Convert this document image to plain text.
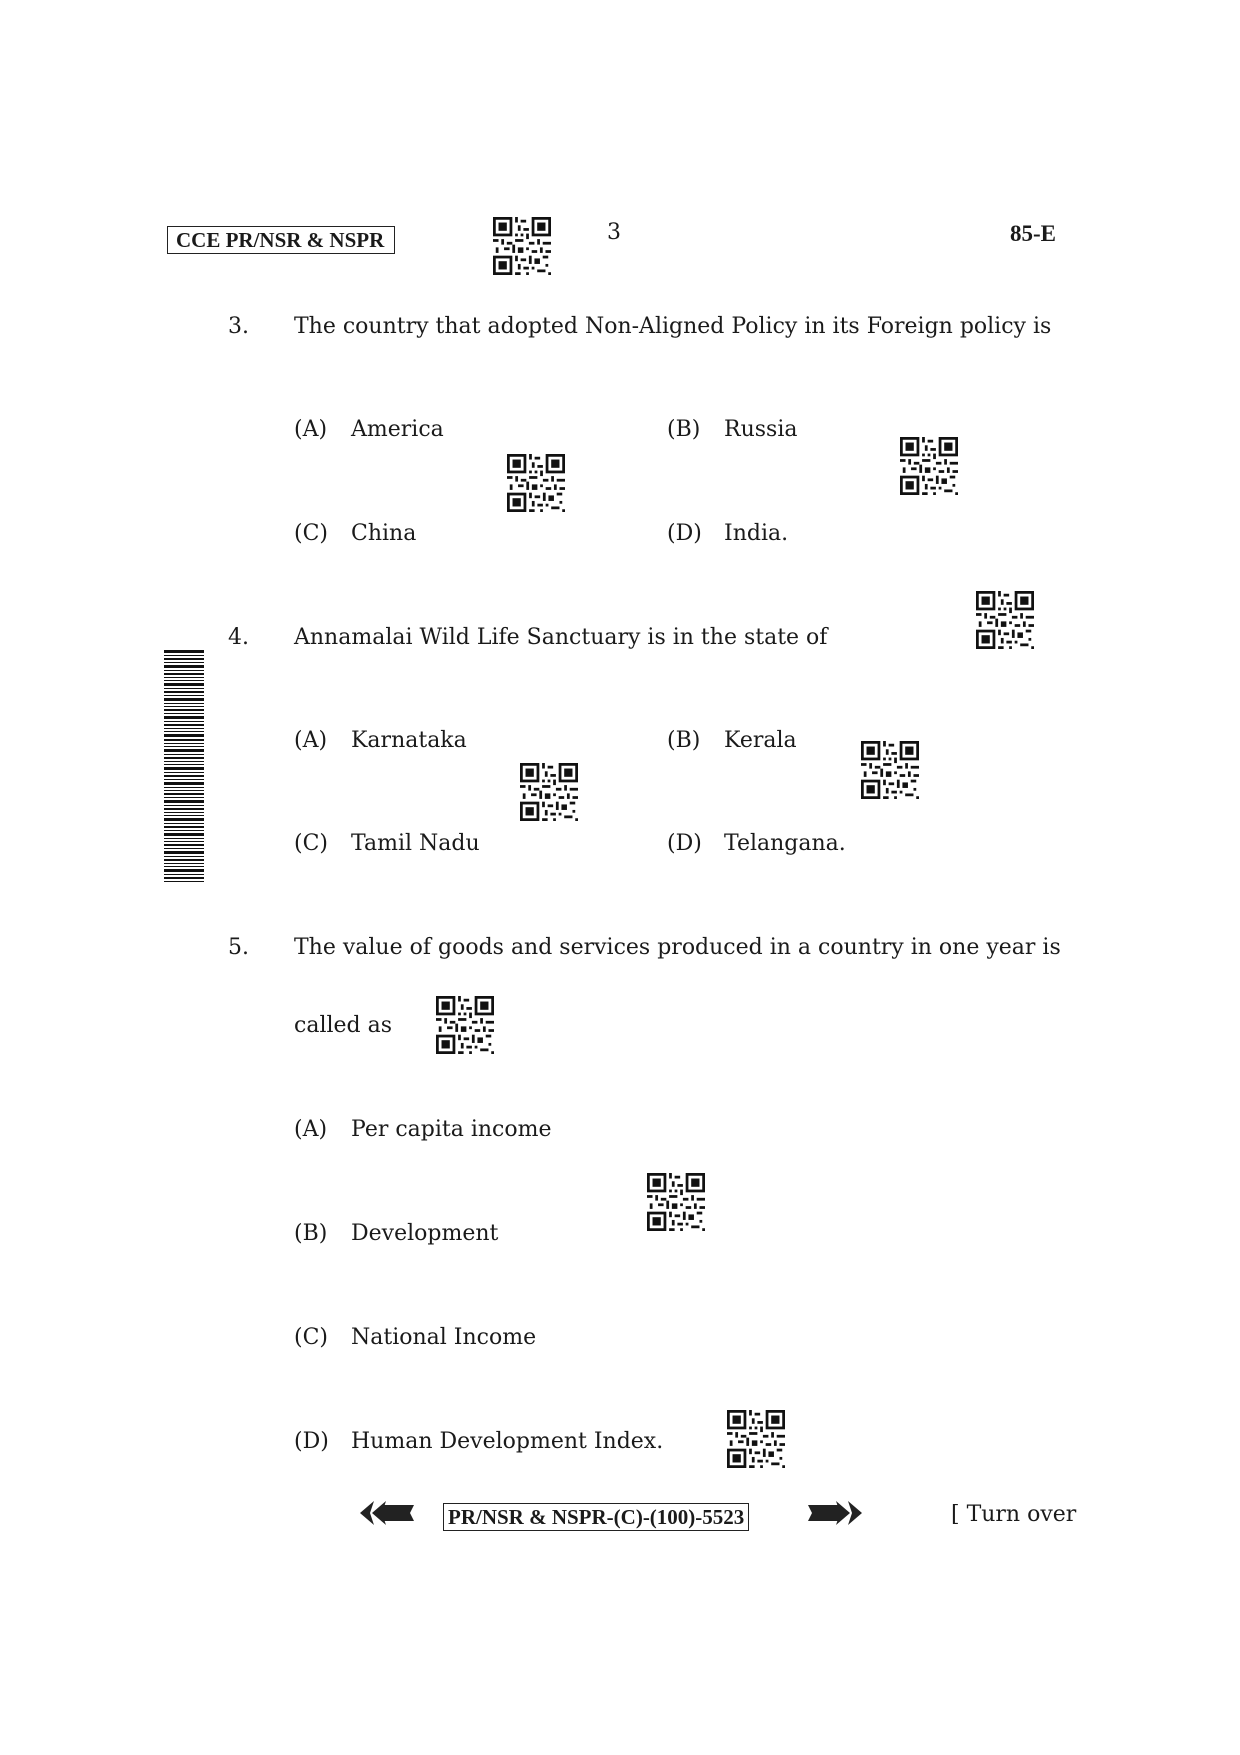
CCE PR/NSR & NSPR	3	85-E
3. The country that adopted Non-Aligned Policy in its Foreign policy is
(A) America	(B) Russia
(C) China	(D) India.
4. Annamalai Wild Life Sanctuary is in the state of
(A) Karnataka	(B) Kerala
(C) Tamil Nadu	(D) Telangana.
5. The value of goods and services produced in a country in one year is
called as
(A) Per capita income
(B) Development
(C) National Income
(D) Human Development Index.
PR/NSR & NSPR-(C)-(100)-5523	[ Turn over
